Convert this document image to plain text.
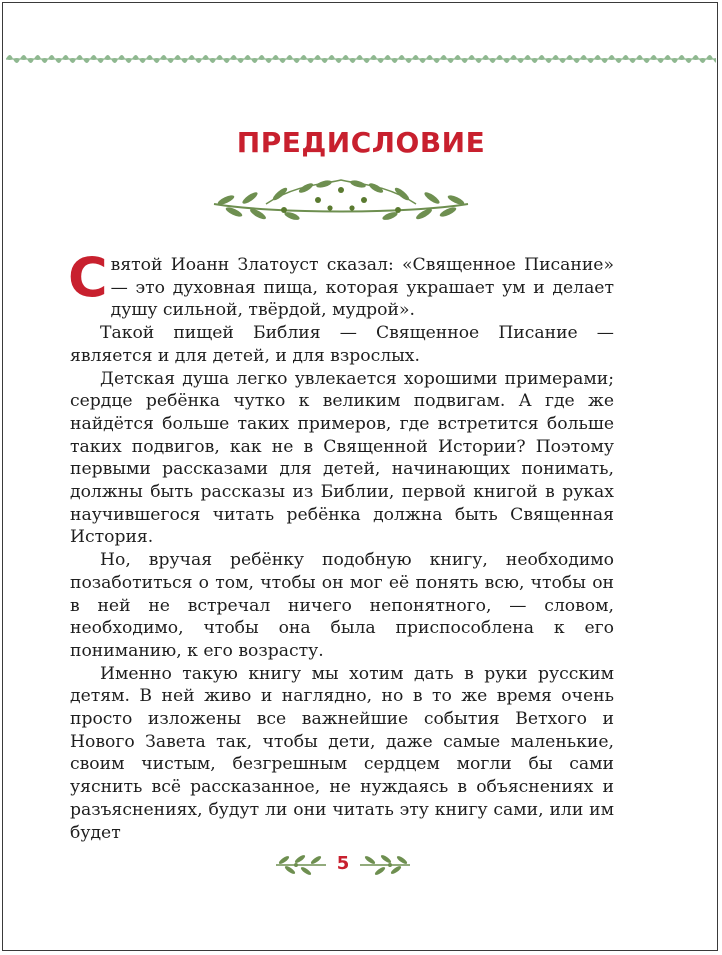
ПРЕДИСЛОВИЕ

Святой Иоанн Златоуст сказал: «Священное Писание» — это духовная пища, которая украшает ум и делает душу сильной, твёрдой, мудрой».

Такой пищей Библия — Священное Писание — является и для детей, и для взрослых.

Детская душа легко увлекается хорошими примерами; сердце ребёнка чутко к великим подвигам. А где же найдётся больше таких примеров, где встретится больше таких подвигов, как не в Священной Истории? Поэтому первыми рассказами для детей, начинающих понимать, должны быть рассказы из Библии, первой книгой в руках научившегося читать ребёнка должна быть Священная История.

Но, вручая ребёнку подобную книгу, необходимо позаботиться о том, чтобы он мог её понять всю, чтобы он в ней не встречал ничего непонятного, — словом, необходимо, чтобы она была приспособлена к его пониманию, к его возрасту.

Именно такую книгу мы хотим дать в руки русским детям. В ней живо и наглядно, но в то же время очень просто изложены все важнейшие события Ветхого и Нового Завета так, чтобы дети, даже самые маленькие, своим чистым, безгрешным сердцем могли бы сами уяснить всё рассказанное, не нуждаясь в объяснениях и разъяснениях, будут ли они читать эту книгу сами, или им будет

5
